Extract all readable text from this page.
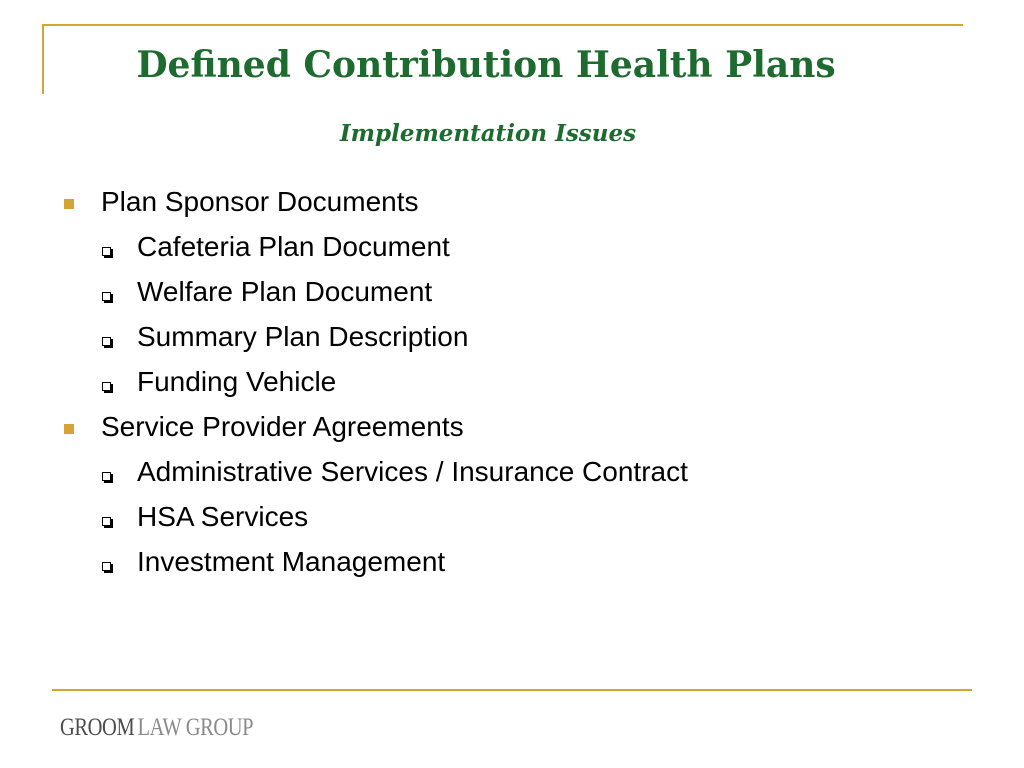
Defined Contribution Health Plans
Implementation Issues
Plan Sponsor Documents
Cafeteria Plan Document
Welfare Plan Document
Summary Plan Description
Funding Vehicle
Service Provider Agreements
Administrative Services / Insurance Contract
HSA Services
Investment Management
GROOM LAW GROUP
